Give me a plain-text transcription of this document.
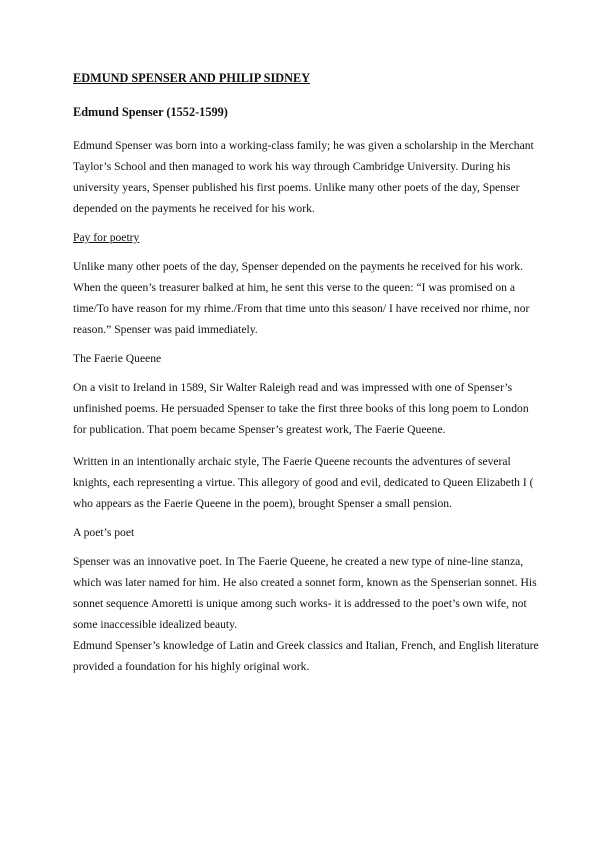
EDMUND SPENSER AND PHILIP SIDNEY
Edmund Spenser (1552-1599)

Edmund Spenser was born into a working-class family; he was given a scholarship in the Merchant Taylor’s School and then managed to work his way through Cambridge University. During his university years, Spenser published his first poems. Unlike many other poets of the day, Spenser depended on the payments he received for his work.

Pay for poetry

Unlike many other poets of the day, Spenser depended on the payments he received for his work. When the queen’s treasurer balked at him, he sent this verse to the queen: “I was promised on a time/To have reason for my rhime./From that time unto this season/ I have received nor rhime, nor reason.” Spenser was paid immediately.

The Faerie Queene

On a visit to Ireland in 1589, Sir Walter Raleigh read and was impressed with one of Spenser’s unfinished poems. He persuaded Spenser to take the first three books of this long poem to London for publication. That poem became Spenser’s greatest work, The Faerie Queene.

Written in an intentionally archaic style, The Faerie Queene recounts the adventures of several knights, each representing a virtue. This allegory of good and evil, dedicated to Queen Elizabeth I ( who appears as the Faerie Queene in the poem), brought Spenser a small pension.

A poet’s poet

Spenser was an innovative poet. In The Faerie Queene, he created a new type of nine-line stanza, which was later named for him. He also created a sonnet form, known as the Spenserian sonnet. His sonnet sequence Amoretti is unique among such works- it is addressed to the poet’s own wife, not some inaccessible idealized beauty.

Edmund Spenser’s knowledge of Latin and Greek classics and Italian, French, and English literature provided a foundation for his highly original work.
